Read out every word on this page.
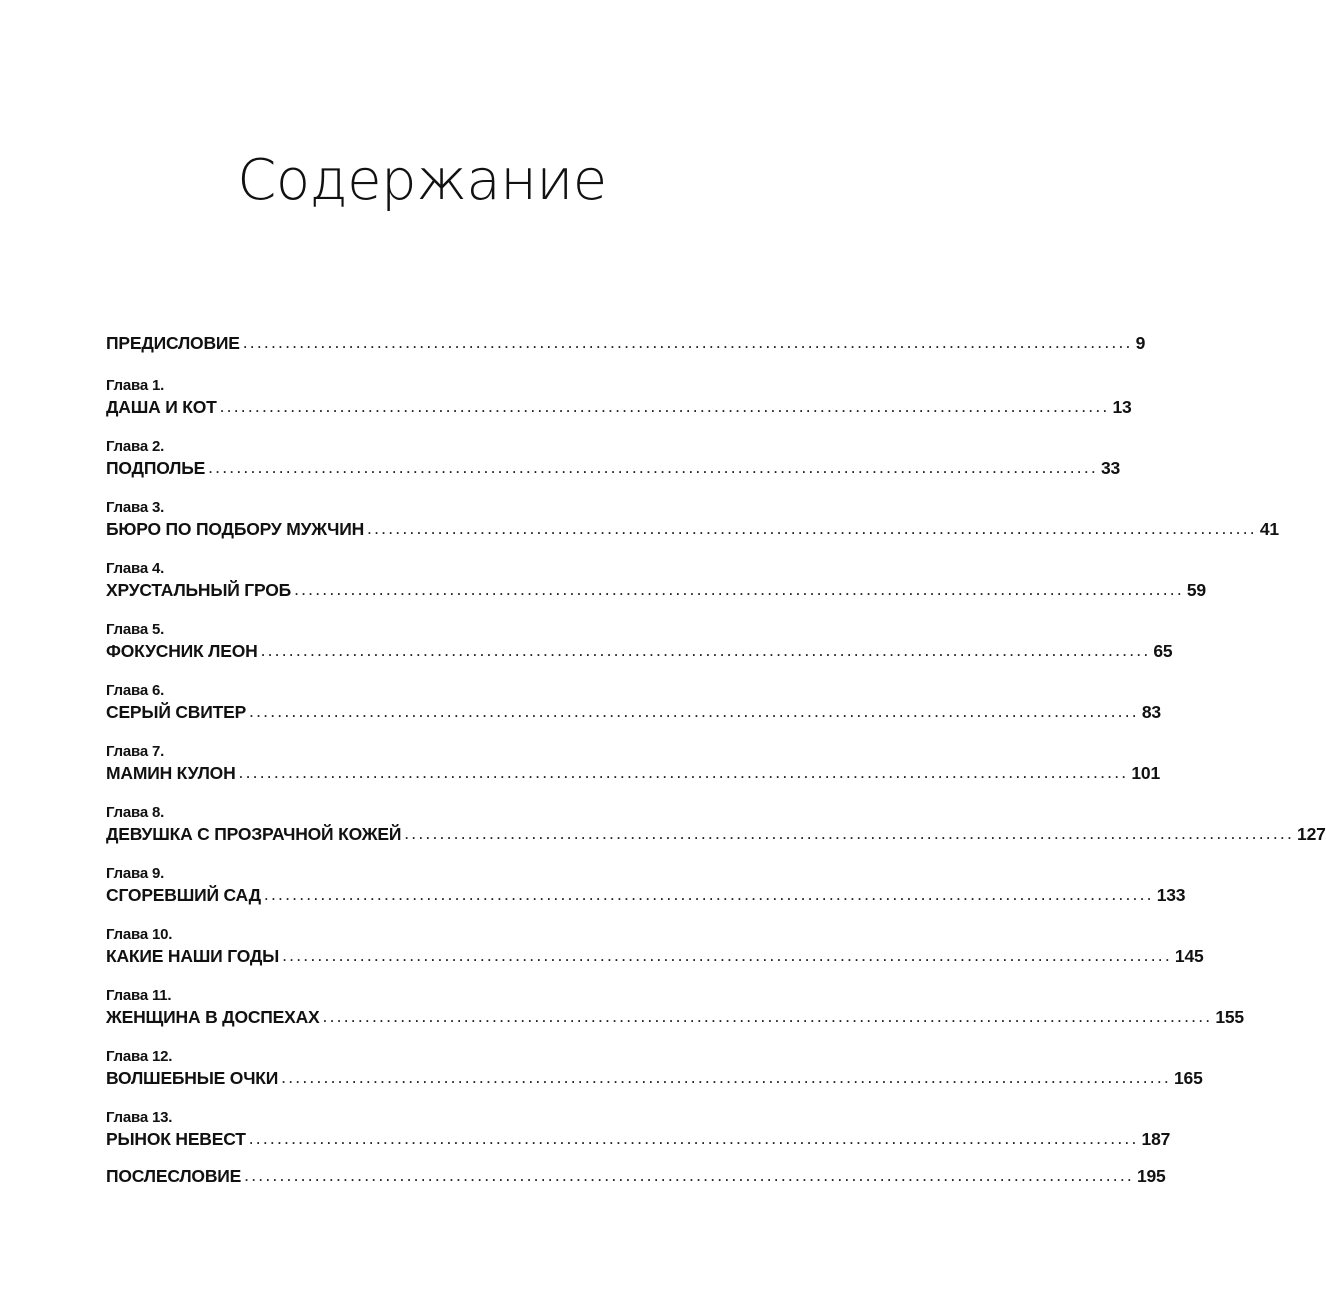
Содержание
ПРЕДИСЛОВИЕ .............................................................................................................................. 9
Глава 1.
ДАША И КОТ .............................................................................................................................. 13
Глава 2.
ПОДПОЛЬЕ .............................................................................................................................. 33
Глава 3.
БЮРО ПО ПОДБОРУ МУЖЧИН .............................................................................................................................. 41
Глава 4.
ХРУСТАЛЬНЫЙ ГРОБ .............................................................................................................................. 59
Глава 5.
ФОКУСНИК ЛЕОН .............................................................................................................................. 65
Глава 6.
СЕРЫЙ СВИТЕР .............................................................................................................................. 83
Глава 7.
МАМИН КУЛОН .............................................................................................................................. 101
Глава 8.
ДЕВУШКА С ПРОЗРАЧНОЙ КОЖЕЙ .............................................................................................................................. 127
Глава 9.
СГОРЕВШИЙ САД .............................................................................................................................. 133
Глава 10.
КАКИЕ НАШИ ГОДЫ .............................................................................................................................. 145
Глава 11.
ЖЕНЩИНА В ДОСПЕХАХ .............................................................................................................................. 155
Глава 12.
ВОЛШЕБНЫЕ ОЧКИ .............................................................................................................................. 165
Глава 13.
РЫНОК НЕВЕСТ .............................................................................................................................. 187
ПОСЛЕСЛОВИЕ .............................................................................................................................. 195
